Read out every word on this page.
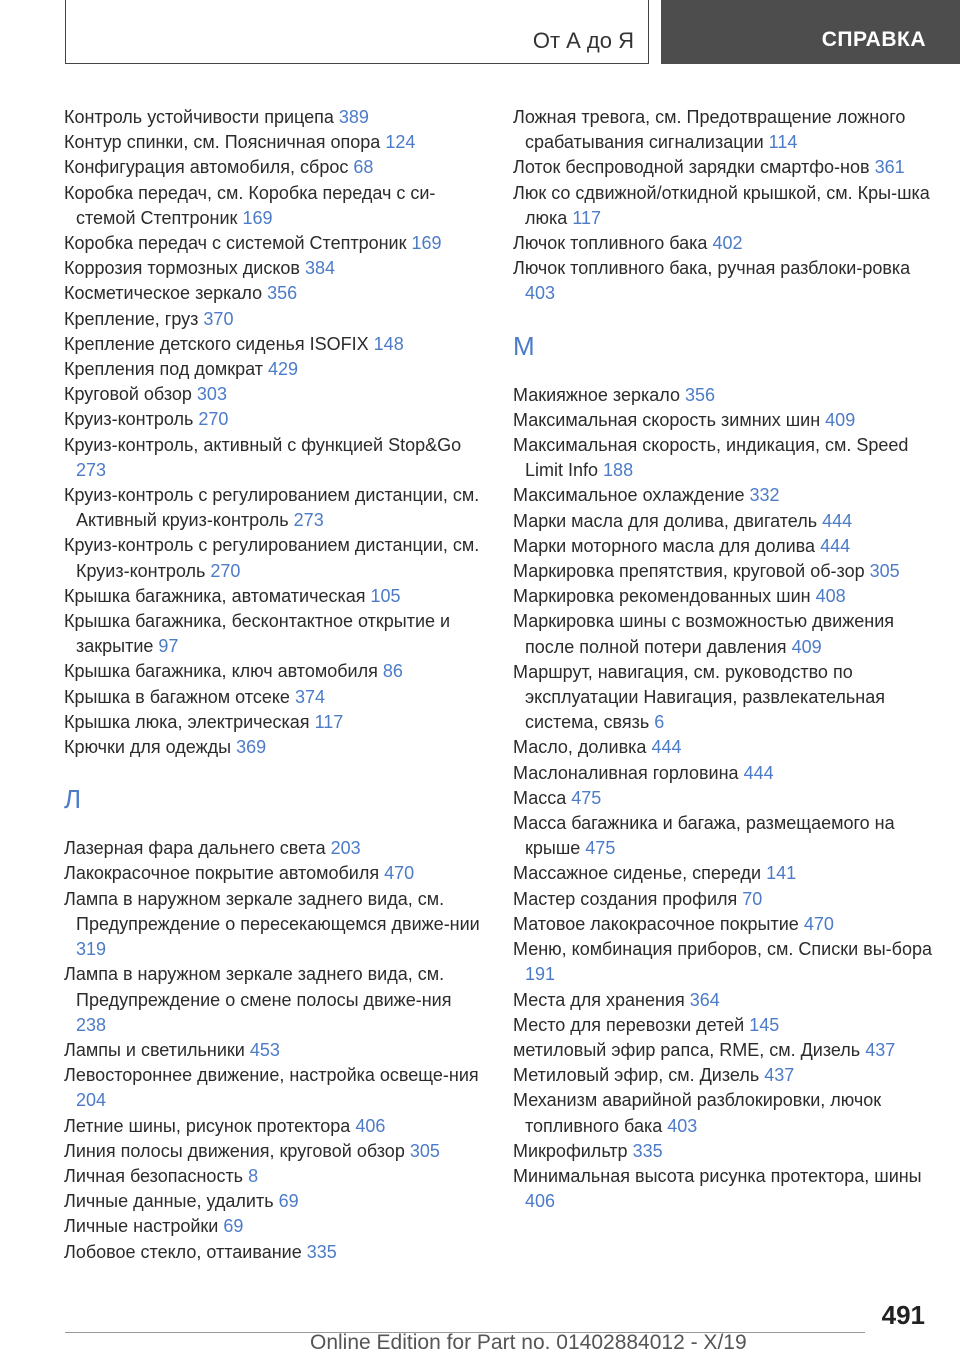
От А до Я	СПРАВКА
Контроль устойчивости прицепа 389
Контур спинки, см. Поясничная опора 124
Конфигурация автомобиля, сброс 68
Коробка передач, см. Коробка передач с си-стемой Стептроник 169
Коробка передач с системой Стептроник 169
Коррозия тормозных дисков 384
Косметическое зеркало 356
Крепление, груз 370
Крепление детского сиденья ISOFIX 148
Крепления под домкрат 429
Круговой обзор 303
Круиз-контроль 270
Круиз-контроль, активный с функцией Stop&Go 273
Круиз-контроль с регулированием дистанции, см. Активный круиз-контроль 273
Круиз-контроль с регулированием дистанции, см. Круиз-контроль 270
Крышка багажника, автоматическая 105
Крышка багажника, бесконтактное открытие и закрытие 97
Крышка багажника, ключ автомобиля 86
Крышка в багажном отсеке 374
Крышка люка, электрическая 117
Крючки для одежды 369
Л
Лазерная фара дальнего света 203
Лакокрасочное покрытие автомобиля 470
Лампа в наружном зеркале заднего вида, см. Предупреждение о пересекающемся движе-нии 319
Лампа в наружном зеркале заднего вида, см. Предупреждение о смене полосы движе-ния 238
Лампы и светильники 453
Левостороннее движение, настройка освеще-ния 204
Летние шины, рисунок протектора 406
Линия полосы движения, круговой обзор 305
Личная безопасность 8
Личные данные, удалить 69
Личные настройки 69
Лобовое стекло, оттаивание 335
Ложная тревога, см. Предотвращение ложного срабатывания сигнализации 114
Лоток беспроводной зарядки смартфо-нов 361
Люк со сдвижной/откидной крышкой, см. Кры-шка люка 117
Лючок топливного бака 402
Лючок топливного бака, ручная разблоки-ровка 403
М
Макияжное зеркало 356
Максимальная скорость зимних шин 409
Максимальная скорость, индикация, см. Speed Limit Info 188
Максимальное охлаждение 332
Марки масла для долива, двигатель 444
Марки моторного масла для долива 444
Маркировка препятствия, круговой об-зор 305
Маркировка рекомендованных шин 408
Маркировка шины с возможностью движения после полной потери давления 409
Маршрут, навигация, см. руководство по эксплуатации Навигация, развлекательная система, связь 6
Масло, доливка 444
Маслоналивная горловина 444
Масса 475
Масса багажника и багажа, размещаемого на крыше 475
Массажное сиденье, спереди 141
Мастер создания профиля 70
Матовое лакокрасочное покрытие 470
Меню, комбинация приборов, см. Списки вы-бора 191
Места для хранения 364
Место для перевозки детей 145
метиловый эфир рапса, RME, см. Дизель 437
Метиловый эфир, см. Дизель 437
Механизм аварийной разблокировки, лючок топливного бака 403
Микрофильтр 335
Минимальная высота рисунка протектора, шины 406
491
Online Edition for Part no. 01402884012 - X/19
